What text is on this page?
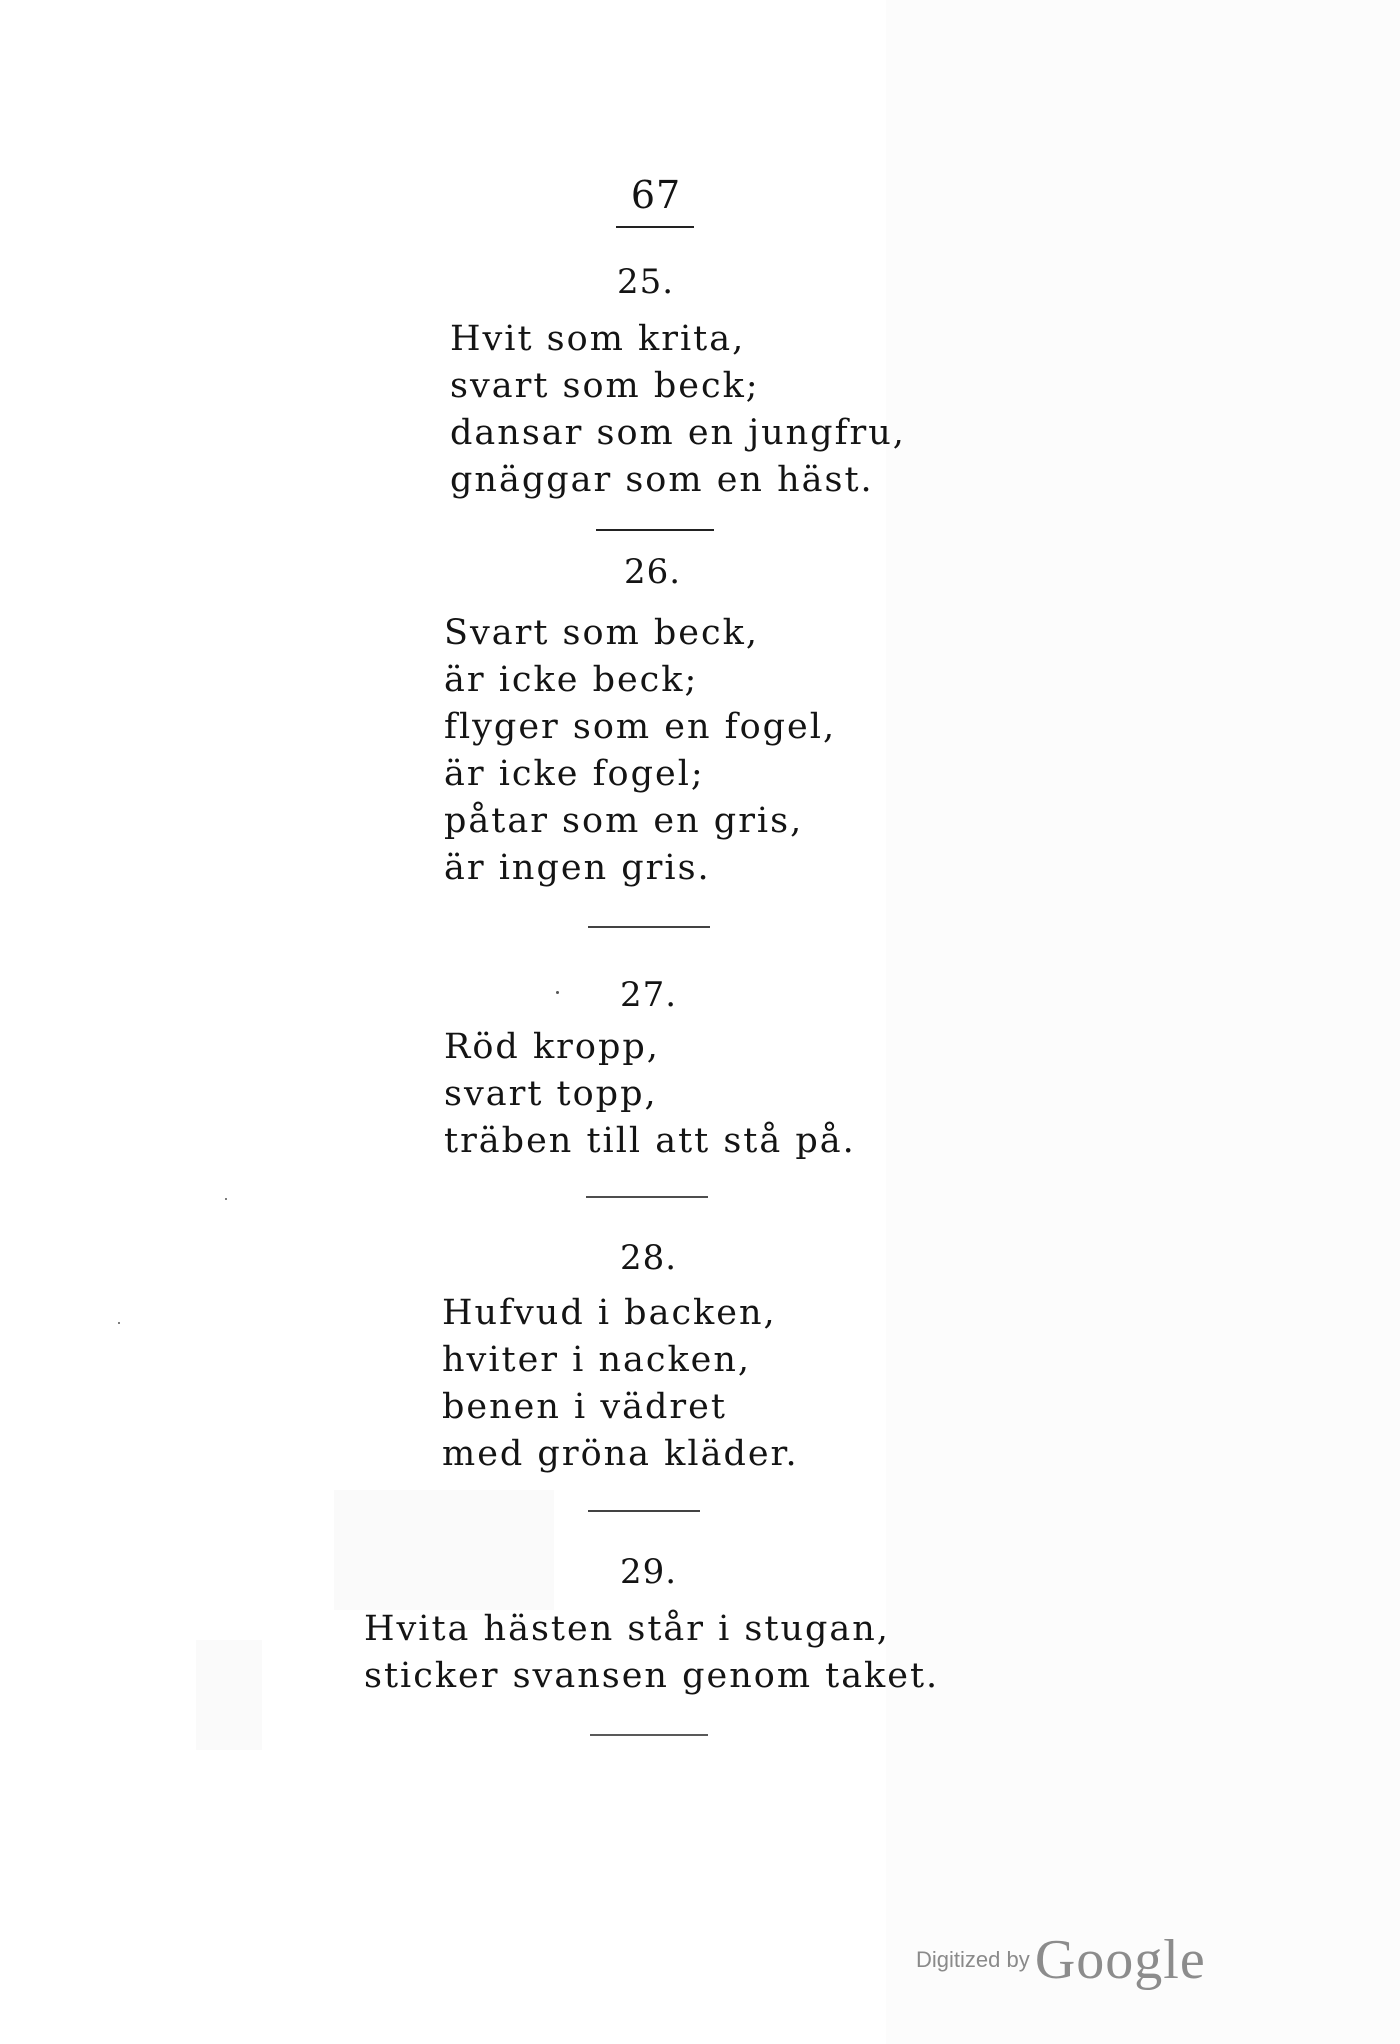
67
25.
Hvit som krita,
svart som beck;
dansar som en jungfru,
gnäggar som en häst.
26.
Svart som beck,
är icke beck;
flyger som en fogel,
är icke fogel;
påtar som en gris,
är ingen gris.
27.
Röd kropp,
svart topp,
träben till att stå på.
28.
Hufvud i backen,
hviter i nacken,
benen i vädret
med gröna kläder.
29.
Hvita hästen står i stugan,
sticker svansen genom taket.
Digitized by Google
